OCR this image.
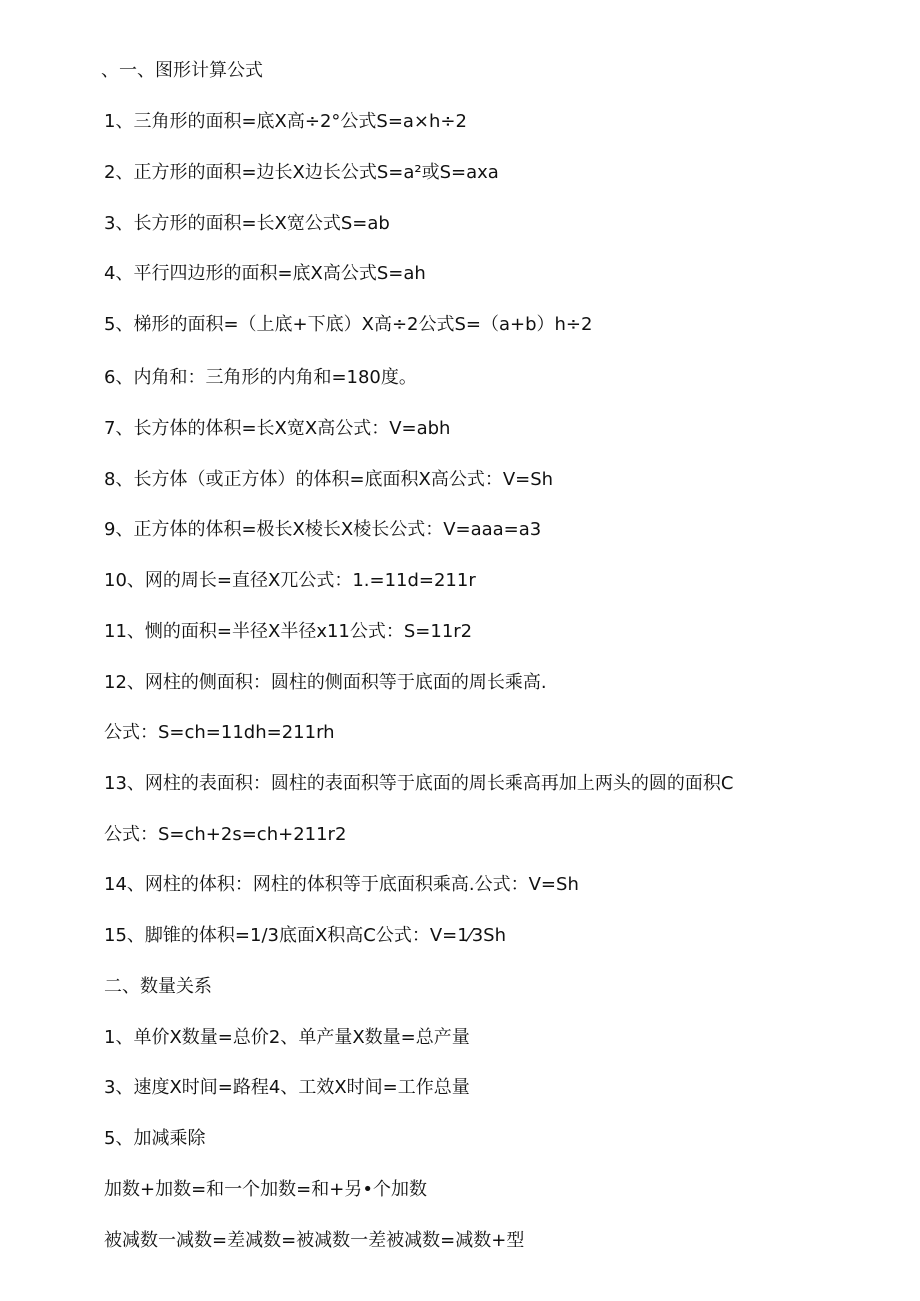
、一、图形计算公式
1、三角形的面积=底X高÷2°公式S=a×h÷2
2、正方形的面积=边长X边长公式S=a²或S=axa
3、长方形的面积=长X宽公式S=ab
4、平行四边形的面积=底X高公式S=ah
5、梯形的面积=（上底+下底）X高÷2公式S=（a+b）h÷2
6、内角和：三角形的内角和=180度。
7、长方体的体积=长X宽X高公式：V=abh
8、长方体（或正方体）的体积=底面积X高公式：V=Sh
9、正方体的体积=极长X棱长X棱长公式：V=aaa=a3
10、网的周长=直径X兀公式：1.=11d=211r
11、恻的面积=半径X半径x11公式：S=11r2
12、网柱的侧面积：圆柱的侧面积等于底面的周长乘高.
公式：S=ch=11dh=211rh
13、网柱的表面积：圆柱的表面积等于底面的周长乘高再加上两头的圆的面积C
公式：S=ch+2s=ch+211r2
14、网柱的体积：网柱的体积等于底面积乘高.公式：V=Sh
15、脚锥的体积=1/3底面X积高C公式：V=1⁄3Sh
二、数量关系
1、单价X数量=总价2、单产量X数量=总产量
3、速度X时间=路程4、工效X时间=工作总量
5、加减乘除
加数+加数=和一个加数=和+另•个加数
被减数一减数=差减数=被减数一差被减数=减数+型
